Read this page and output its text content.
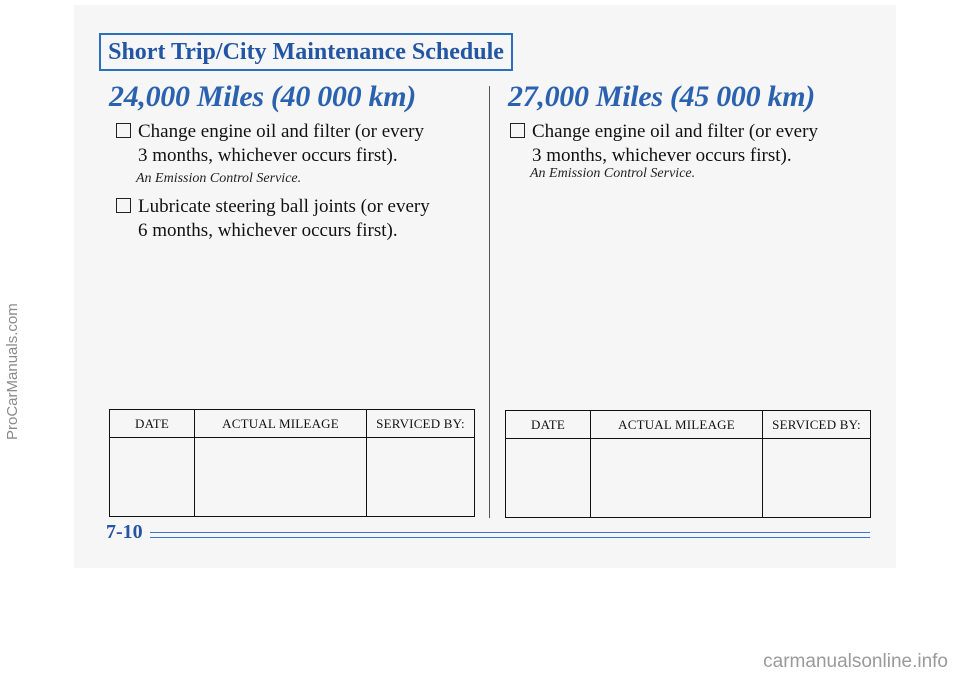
Short Trip/City Maintenance Schedule
24,000 Miles (40 000 km)
Change engine oil and filter (or every
3 months, whichever occurs first).
An Emission Control Service.
Lubricate steering ball joints (or every
6 months, whichever occurs first).
DATE	ACTUAL MILEAGE	SERVICED BY:

27,000 Miles (45 000 km)
Change engine oil and filter (or every
3 months, whichever occurs first).
An Emission Control Service.
DATE	ACTUAL MILEAGE	SERVICED BY:

7-10
ProCarManuals.com
carmanualsonline.info
